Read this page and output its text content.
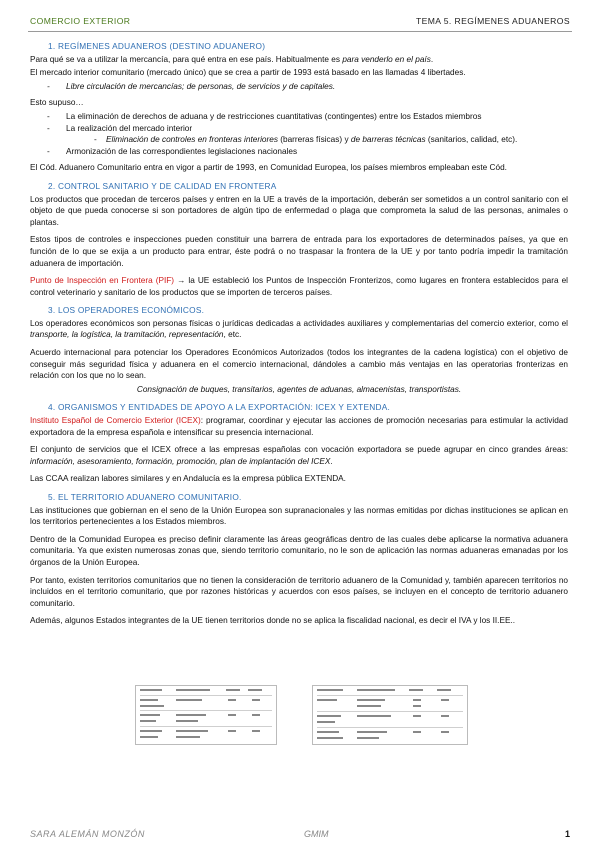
COMERCIO EXTERIOR	TEMA 5. REGÍMENES ADUANEROS
1. REGÍMENES ADUANEROS (DESTINO ADUANERO)

Para qué se va a utilizar la mercancía, para qué entra en ese país. Habitualmente es para venderlo en el país.

El mercado interior comunitario (mercado único) que se crea a partir de 1993 está basado en las llamadas 4 libertades.

- Libre circulación de mercancías; de personas, de servicios y de capitales.

Esto supuso…

- La eliminación de derechos de aduana y de restricciones cuantitativas (contingentes) entre los Estados miembros
- La realización del mercado interior
- Eliminación de controles en fronteras interiores (barreras físicas) y de barreras técnicas (sanitarios, calidad, etc).
- Armonización de las correspondientes legislaciones nacionales

El Cód. Aduanero Comunitario entra en vigor a partir de 1993, en Comunidad Europea, los países miembros empleaban este Cód.

2. CONTROL SANITARIO Y DE CALIDAD EN FRONTERA

Los productos que procedan de terceros países y entren en la UE a través de la importación, deberán ser sometidos a un control sanitario con el objeto de que pueda conocerse si son portadores de algún tipo de enfermedad o plaga que comprometa la salud de las personas, animales o plantas.

Estos tipos de controles e inspecciones pueden constituir una barrera de entrada para los exportadores de determinados países, ya que en función de lo que se exija a un producto para entrar, éste podrá o no traspasar la frontera de la UE y por tanto podría impedir la tramitación aduanera de importación.

Punto de Inspección en Frontera (PIF) → la UE estableció los Puntos de Inspección Fronterizos, como lugares en frontera establecidos para el control veterinario y sanitario de los productos que se importen de terceros países.

3. LOS OPERADORES ECONÓMICOS.

Los operadores económicos son personas físicas o jurídicas dedicadas a actividades auxiliares y complementarias del comercio exterior, como el transporte, la logística, la tramitación, representación, etc.

Acuerdo internacional para potenciar los Operadores Económicos Autorizados (todos los integrantes de la cadena logística) con el objetivo de conseguir más seguridad física y aduanera en el comercio internacional, dándoles a cambio más ventajas en las operatorias fronterizas en relación con los que no lo sean.

Consignación de buques, transitarios, agentes de aduanas, almacenistas, transportistas.

4. ORGANISMOS Y ENTIDADES DE APOYO A LA EXPORTACIÓN: ICEX Y EXTENDA.

Instituto Español de Comercio Exterior (ICEX): programar, coordinar y ejecutar las acciones de promoción necesarias para estimular la actividad exportadora de la empresa española e intensificar su presencia internacional.

El conjunto de servicios que el ICEX ofrece a las empresas españolas con vocación exportadora se puede agrupar en cinco grandes áreas: información, asesoramiento, formación, promoción, plan de implantación del ICEX.

Las CCAA realizan labores similares y en Andalucía es la empresa pública EXTENDA.

5. EL TERRITORIO ADUANERO COMUNITARIO.

Las instituciones que gobiernan en el seno de la Unión Europea son supranacionales y las normas emitidas por dichas instituciones se aplican en los territorios pertenecientes a los Estados miembros.

Dentro de la Comunidad Europea es preciso definir claramente las áreas geográficas dentro de las cuales debe aplicarse la normativa aduanera comunitaria. Ya que existen numerosas zonas que, siendo territorio comunitario, no le son de aplicación las normas aduaneras emanadas por los órganos de la Unión Europea.

Por tanto, existen territorios comunitarios que no tienen la consideración de territorio aduanero de la Comunidad y, también aparecen territorios no incluidos en el territorio comunitario, que por razones históricas y acuerdos con esos países, se incluyen en el concepto de territorio aduanero comunitario.

Además, algunos Estados integrantes de la UE tienen territorios donde no se aplica la fiscalidad nacional, es decir el IVA y los II.EE..

SARA ALEMÁN MONZÓN	GMIM	1
